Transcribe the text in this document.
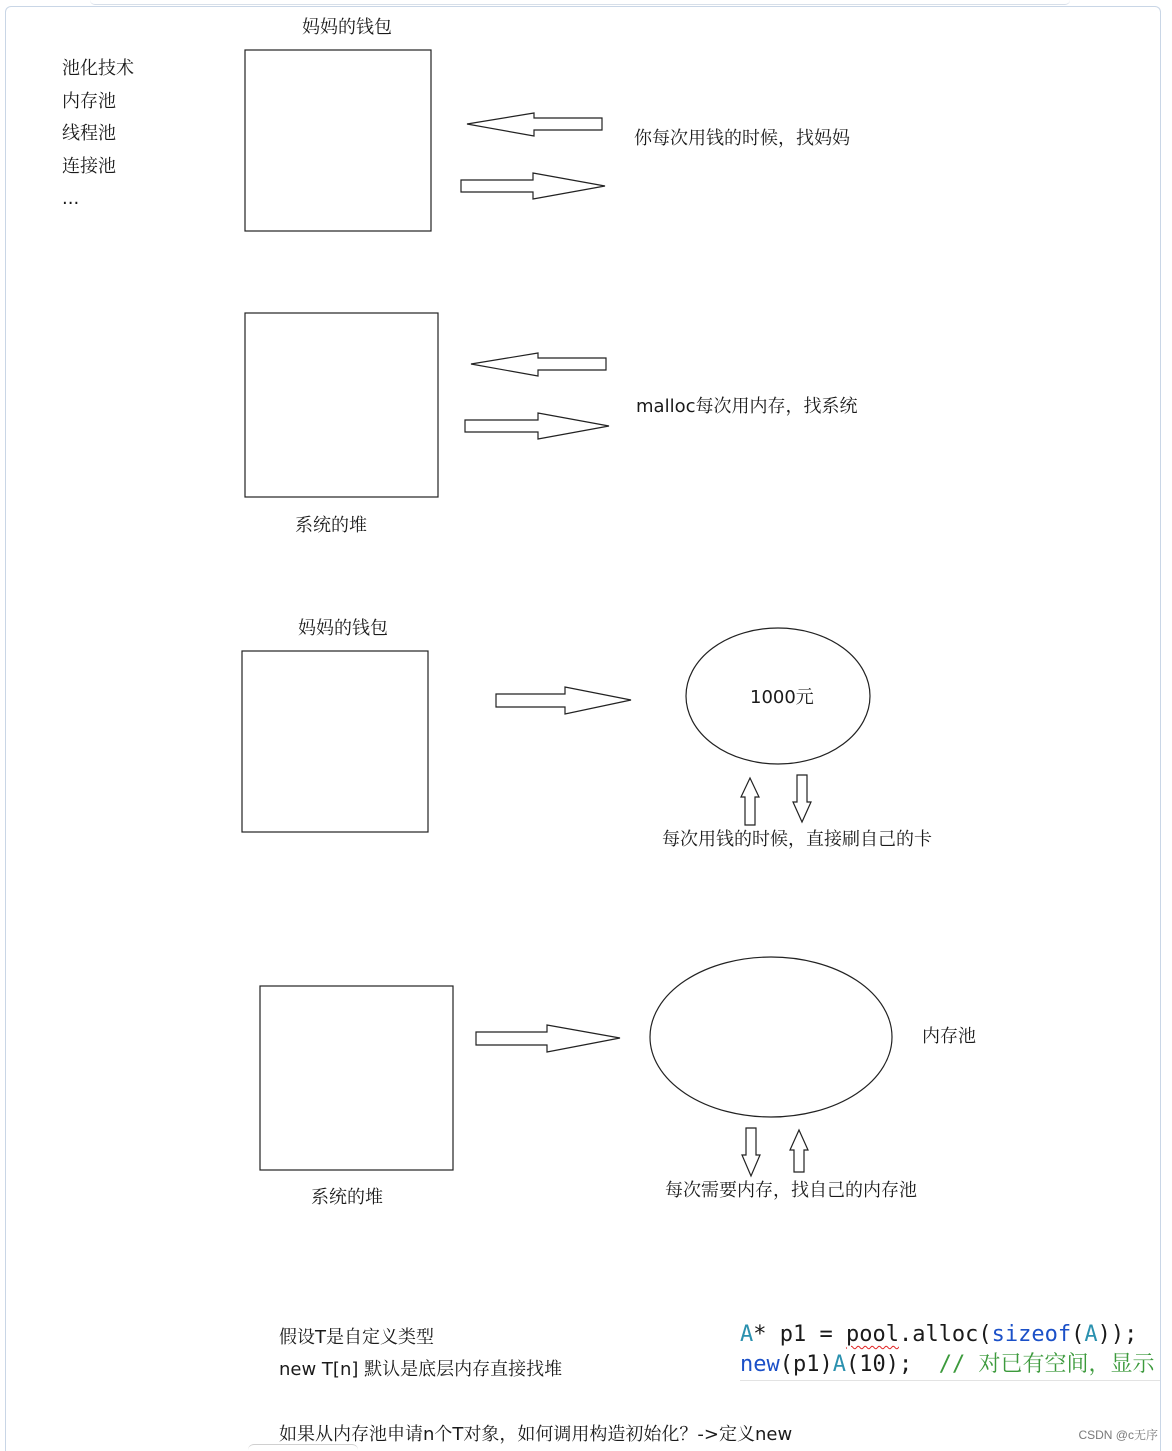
池化技术
内存池
线程池
连接池
...
妈妈的钱包
你每次用钱的时候，找妈妈
malloc每次用内存，找系统
系统的堆
妈妈的钱包
1000元
每次用钱的时候，直接刷自己的卡
内存池
系统的堆	每次需要内存，找自己的内存池
假设T是自定义类型
new T[n] 默认是底层内存直接找堆
如果从内存池申请n个T对象，如何调用构造初始化？->定义new
A* p1 = pool.alloc(sizeof(A));
new(p1)A(10);  // 对已有空间，显示
CSDN @c无序
